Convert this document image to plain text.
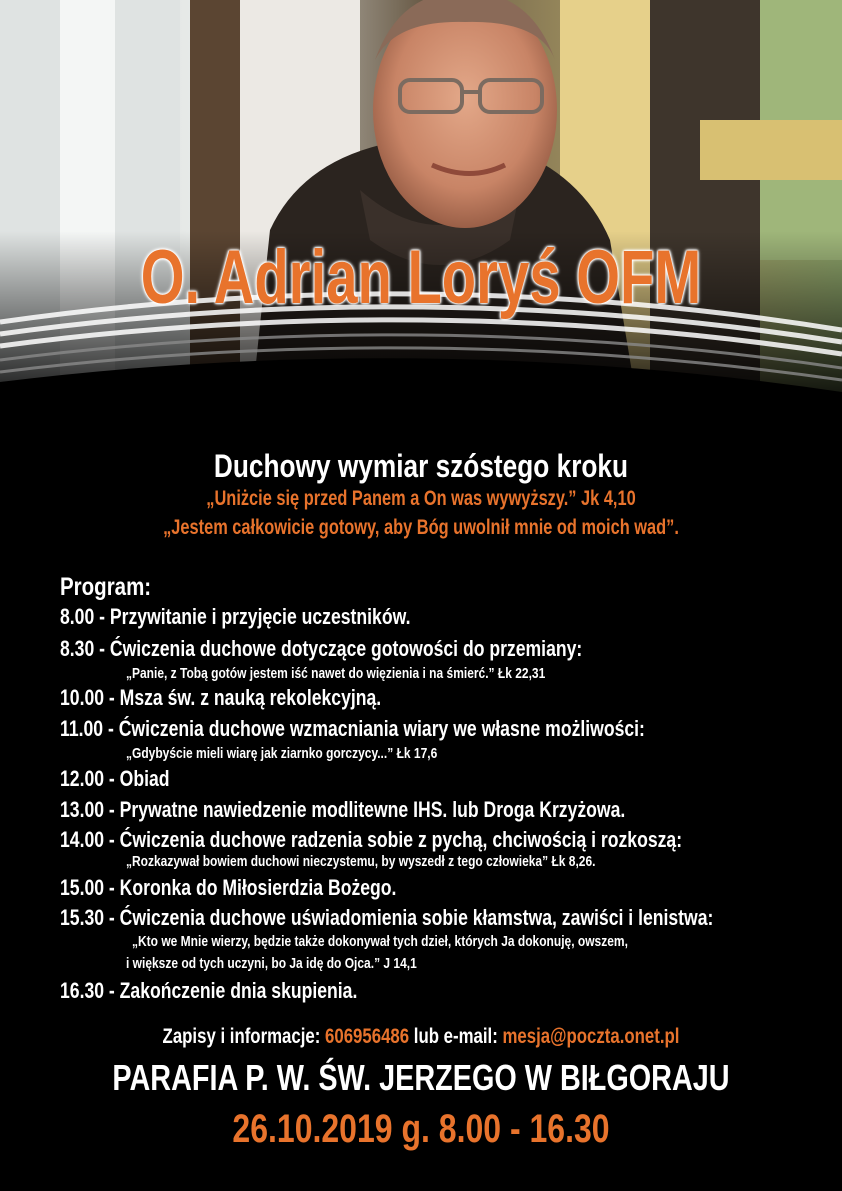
O. Adrian Loryś OFM
Duchowy wymiar szóstego kroku

„Uniżcie się przed Panem a On was wywyższy.” Jk 4,10

„Jestem całkowicie gotowy, aby Bóg uwolnił mnie od moich wad”.

Program:

8.00 - Przywitanie i przyjęcie uczestników.

8.30 - Ćwiczenia duchowe dotyczące gotowości do przemiany:

„Panie, z Tobą gotów jestem iść nawet do więzienia i na śmierć.” Łk 22,31

10.00 - Msza św. z nauką rekolekcyjną.

11.00 - Ćwiczenia duchowe wzmacniania wiary we własne możliwości:

„Gdybyście mieli wiarę jak ziarnko gorczycy...” Łk 17,6

12.00 - Obiad

13.00 - Prywatne nawiedzenie modlitewne IHS. lub Droga Krzyżowa.

14.00 - Ćwiczenia duchowe radzenia sobie z pychą, chciwością i rozkoszą:

„Rozkazywał bowiem duchowi nieczystemu, by wyszedł z tego człowieka” Łk 8,26.

15.00 - Koronka do Miłosierdzia Bożego.

15.30 - Ćwiczenia duchowe uświadomienia sobie kłamstwa, zawiści i lenistwa:

„Kto we Mnie wierzy, będzie także dokonywał tych dzieł, których Ja dokonuję, owszem,

i większe od tych uczyni, bo Ja idę do Ojca.” J 14,1

16.30 - Zakończenie dnia skupienia.

Zapisy i informacje: 606956486 lub e-mail: mesja@poczta.onet.pl
PARAFIA P. W. ŚW. JERZEGO W BIŁGORAJU

26.10.2019 g. 8.00 - 16.30
